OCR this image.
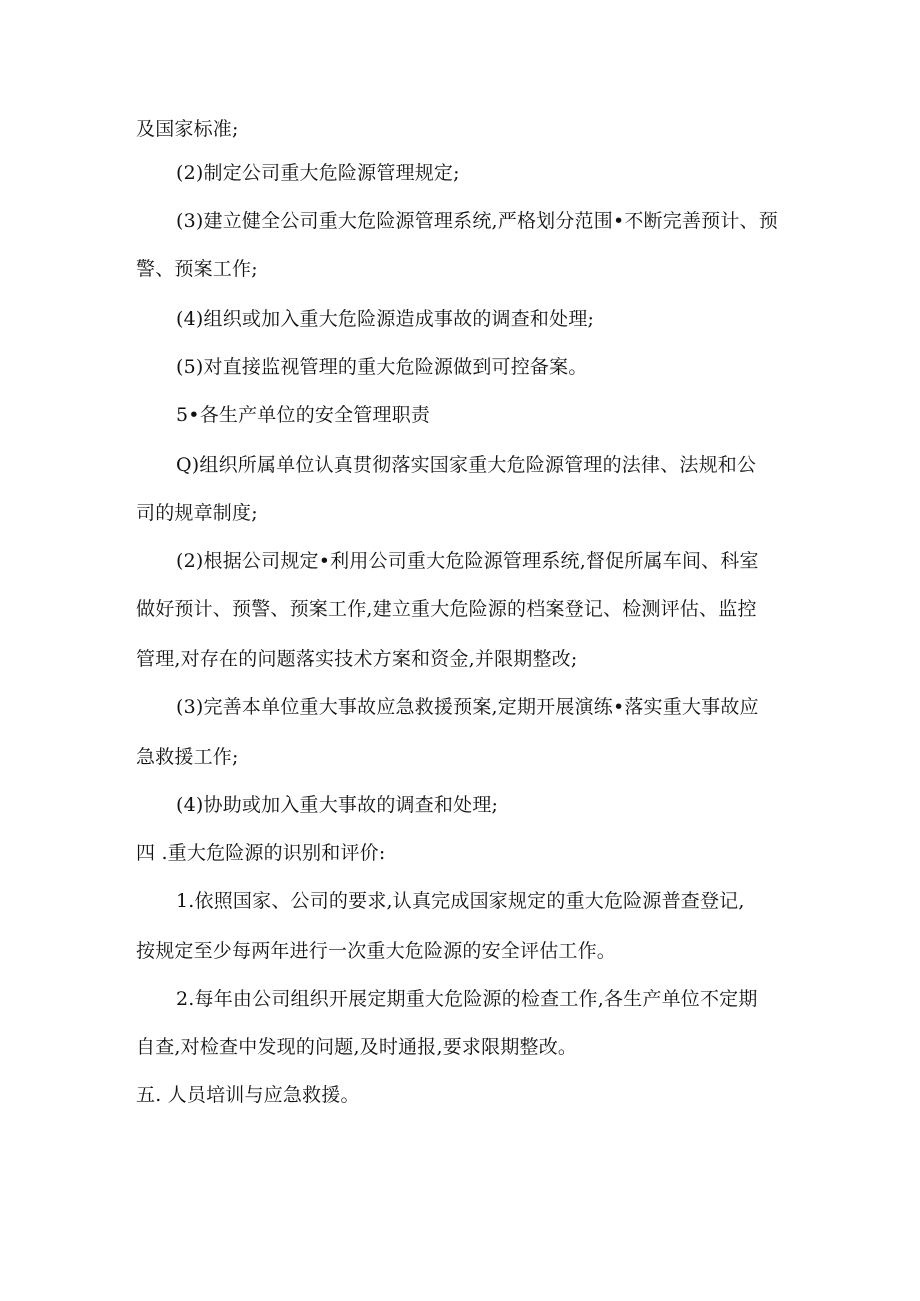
及国家标准;
(2)制定公司重大危险源管理规定;
(3)建立健全公司重大危险源管理系统,严格划分范围•不断完善预计、预
警、预案工作;
(4)组织或加入重大危险源造成事故的调查和处理;
(5)对直接监视管理的重大危险源做到可控备案。
5•各生产单位的安全管理职责
Q)组织所属单位认真贯彻落实国家重大危险源管理的法律、法规和公
司的规章制度;
(2)根据公司规定•利用公司重大危险源管理系统,督促所属车间、科室
做好预计、预警、预案工作,建立重大危险源的档案登记、检测评估、监控
管理,对存在的问题落实技术方案和资金,并限期整改;
(3)完善本单位重大事故应急救援预案,定期开展演练•落实重大事故应
急救援工作;
(4)协助或加入重大事故的调查和处理;
四 .重大危险源的识别和评价:
1.依照国家、公司的要求,认真完成国家规定的重大危险源普查登记,
按规定至少每两年进行一次重大危险源的安全评估工作。
2.每年由公司组织开展定期重大危险源的检查工作,各生产单位不定期
自查,对检查中发现的问题,及时通报,要求限期整改。
五. 人员培训与应急救援。
